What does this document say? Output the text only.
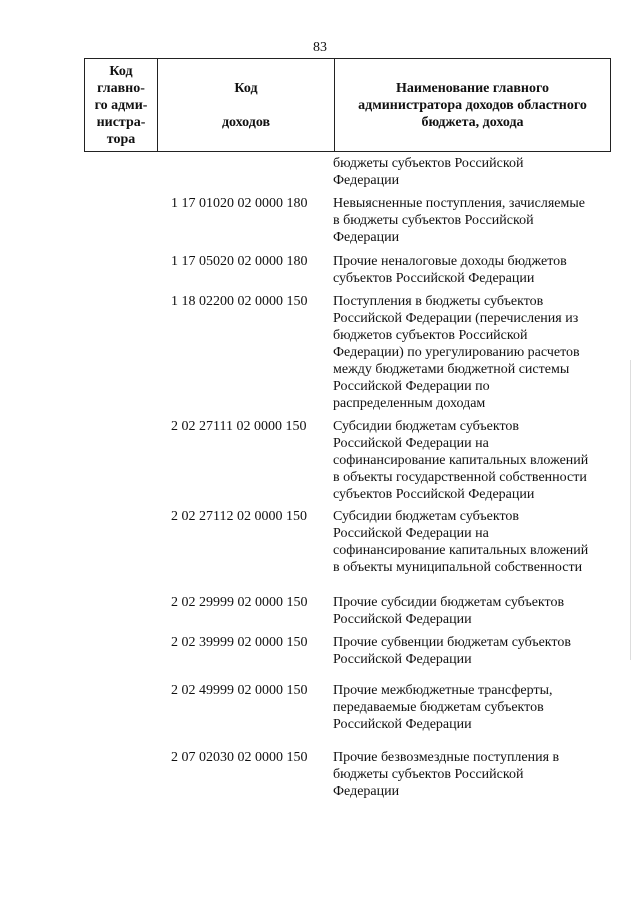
83
Код
главно-
го адми-
нистра-
тора
Код

доходов
Наименование главного
администратора доходов областного
бюджета, дохода
бюджеты субъектов Российской
Федерации
1 17 01020 02 0000 180 Невыясненные поступления, зачисляемые
в бюджеты субъектов Российской
Федерации
1 17 05020 02 0000 180 Прочие неналоговые доходы бюджетов
субъектов Российской Федерации
1 18 02200 02 0000 150 Поступления в бюджеты субъектов
Российской Федерации (перечисления из
бюджетов субъектов Российской
Федерации) по урегулированию расчетов
между бюджетами бюджетной системы
Российской Федерации по
распределенным доходам
2 02 27111 02 0000 150 Субсидии бюджетам субъектов
Российской Федерации на
софинансирование капитальных вложений
в объекты государственной собственности
субъектов Российской Федерации
2 02 27112 02 0000 150 Субсидии бюджетам субъектов
Российской Федерации на
софинансирование капитальных вложений
в объекты муниципальной собственности
2 02 29999 02 0000 150 Прочие субсидии бюджетам субъектов
Российской Федерации
2 02 39999 02 0000 150 Прочие субвенции бюджетам субъектов
Российской Федерации
2 02 49999 02 0000 150 Прочие межбюджетные трансферты,
передаваемые бюджетам субъектов
Российской Федерации
2 07 02030 02 0000 150 Прочие безвозмездные поступления в
бюджеты субъектов Российской
Федерации
